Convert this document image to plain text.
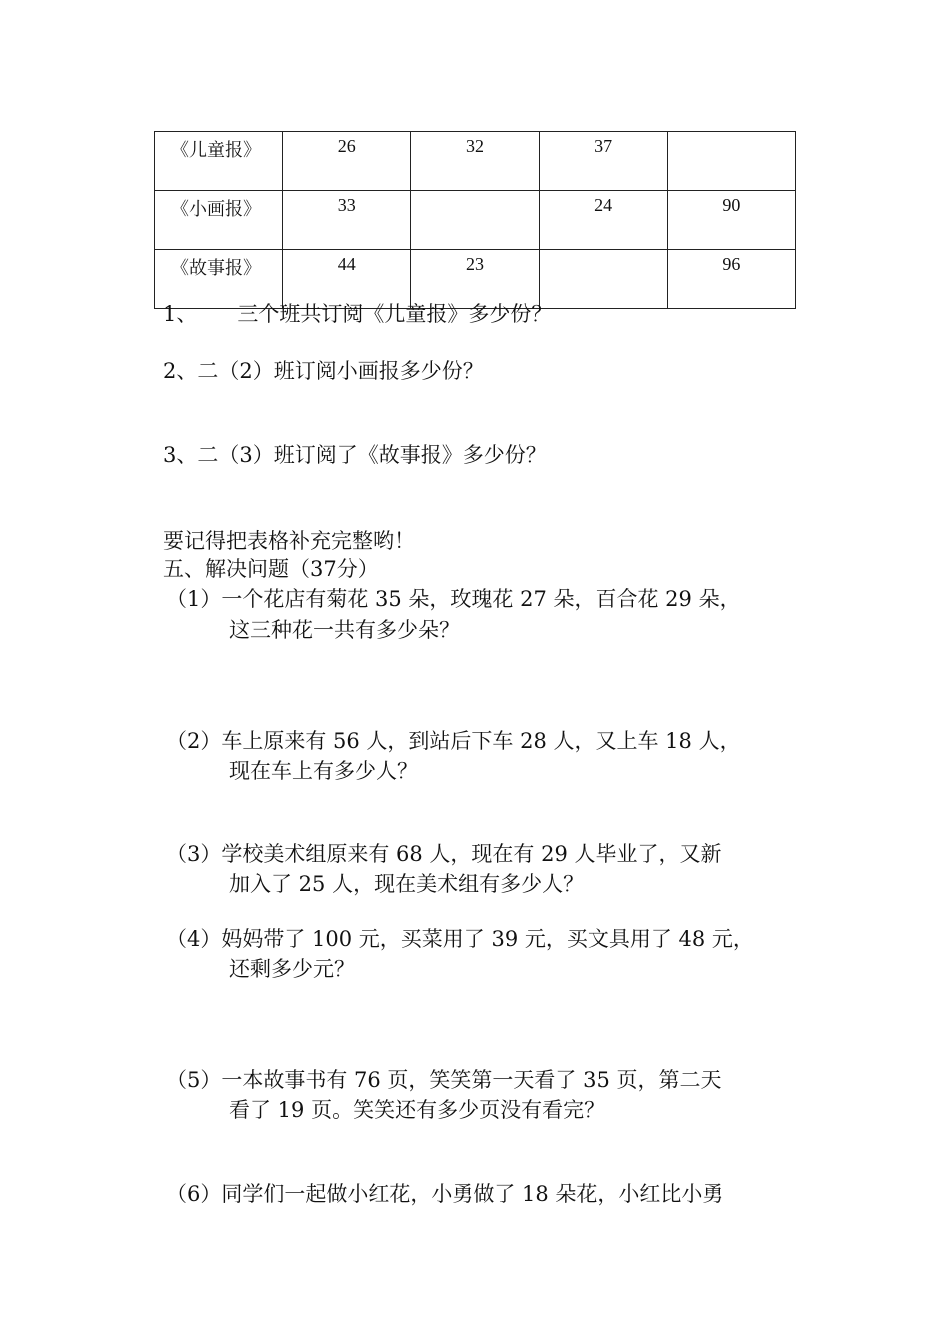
《儿童报》	26	32	37	
《小画报》	33		24	90
《故事报》	44	23		96
1、      三个班共订阅《儿童报》多少份？
2、二（2）班订阅小画报多少份？
3、二（3）班订阅了《故事报》多少份？
要记得把表格补充完整哟！
五、解决问题（37分）
（1）一个花店有菊花 35 朵，玫瑰花 27 朵，百合花 29 朵，
这三种花一共有多少朵？
（2）车上原来有 56 人，到站后下车 28 人，又上车 18 人，
现在车上有多少人？
（3）学校美术组原来有 68 人，现在有 29 人毕业了，又新
加入了 25 人，现在美术组有多少人？
（4）妈妈带了 100 元，买菜用了 39 元，买文具用了 48 元，
还剩多少元？
（5）一本故事书有 76 页，笑笑第一天看了 35 页，第二天
看了 19 页。笑笑还有多少页没有看完？
（6）同学们一起做小红花，小勇做了 18 朵花，小红比小勇
